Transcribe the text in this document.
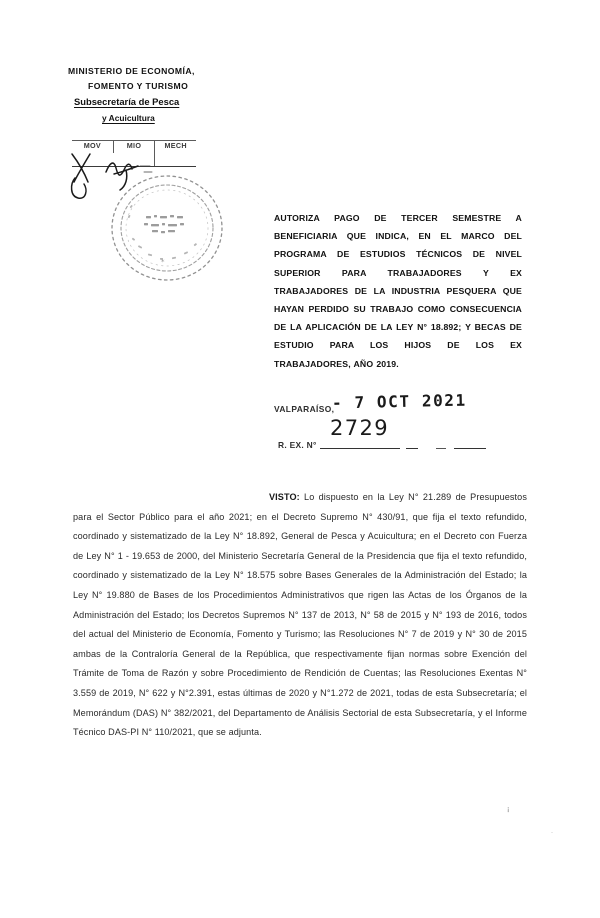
MINISTERIO DE ECONOMÍA,
FOMENTO Y TURISMO
Subsecretaría de Pesca
y Acuicultura
MOV	MIO	MECH
*

AUTORIZA PAGO DE TERCER SEMESTRE A BENEFICIARIA QUE INDICA, EN EL MARCO DEL PROGRAMA DE ESTUDIOS TÉCNICOS DE NIVEL SUPERIOR PARA TRABAJADORES Y EX TRABAJADORES DE LA INDUSTRIA PESQUERA QUE HAYAN PERDIDO SU TRABAJO COMO CONSECUENCIA DE LA APLICACIÓN DE LA LEY N° 18.892; Y BECAS DE ESTUDIO PARA LOS HIJOS DE LOS EX TRABAJADORES, AÑO 2019.

VALPARAÍSO,
- 7 OCT 2021
2729
R. EX. N°

VISTO: Lo dispuesto en la Ley N° 21.289 de Presupuestos para el Sector Público para el año 2021; en el Decreto Supremo N° 430/91, que fija el texto refundido, coordinado y sistematizado de la Ley N° 18.892, General de Pesca y Acuicultura; en el Decreto con Fuerza de Ley N° 1 - 19.653 de 2000, del Ministerio Secretaría General de la Presidencia que fija el texto refundido, coordinado y sistematizado de la Ley N° 18.575 sobre Bases Generales de la Administración del Estado; la Ley N° 19.880 de Bases de los Procedimientos Administrativos que rigen las Actas de los Órganos de la Administración del Estado; los Decretos Supremos N° 137 de 2013, N° 58 de 2015 y N° 193 de 2016, todos del actual del Ministerio de Economía, Fomento y Turismo; las Resoluciones N° 7 de 2019 y N° 30 de 2015 ambas de la Contraloría General de la República, que respectivamente fijan normas sobre Exención del Trámite de Toma de Razón y sobre Procedimiento de Rendición de Cuentas; las Resoluciones Exentas N° 3.559 de 2019, N° 622 y N°2.391, estas últimas de 2020 y N°1.272 de 2021, todas de esta Subsecretaría; el Memorándum (DAS) N° 382/2021, del Departamento de Análisis Sectorial de esta Subsecretaría, y el Informe Técnico DAS-PI N° 110/2021, que se adjunta.

¡
·
